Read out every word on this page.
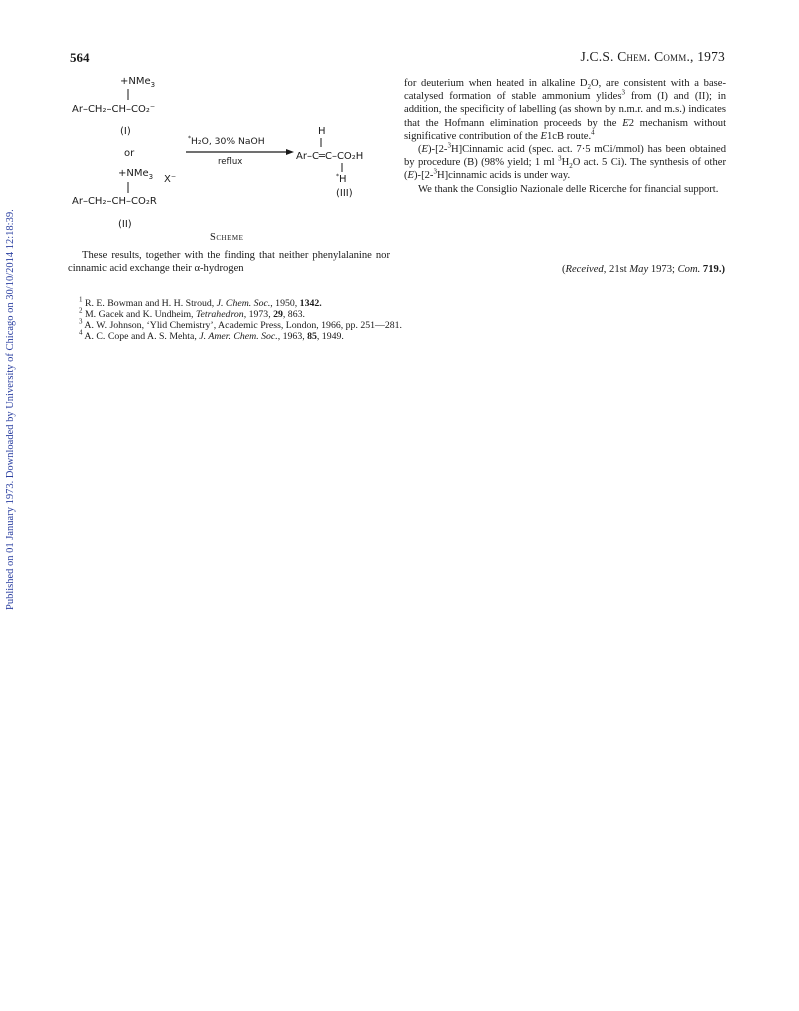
Published on 01 January 1973. Downloaded by University of Chicago on 30/10/2014 12:18:39.
564	J.C.S. Chem. Comm., 1973
+NMe$_3$
Ar–CH₂–CH–CO₂⁻
(I)
or
+NMe$_3$ X⁻
Ar–CH₂–CH–CO₂R
(II)
*H₂O, 30% NaOH
reflux
H
Ar–C═C–CO₂H
*H
(III)
Scheme

These results, together with the finding that neither phenylalanine nor cinnamic acid exchange their α-hydrogen

for deuterium when heated in alkaline $D_2O$, are consistent with a base-catalysed formation of stable ammonium ylides$^3$ from (I) and (II); in addition, the specificity of labelling (as shown by n.m.r. and m.s.) indicates that the Hofmann elimination proceeds by the E2 mechanism without significative contribution of the E1cB route.$^4$

(E)-[2-$^3$H]Cinnamic acid (spec. act. 7·5 mCi/mmol) has been obtained by procedure (B) (98% yield; 1 ml $^3H_2O$ act. 5 Ci). The synthesis of other (E)-[2-$^3$H]cinnamic acids is under way.

We thank the Consiglio Nazionale delle Ricerche for financial support.

(Received, 21st May 1973; Com. 719.)
$^1$ R. E. Bowman and H. H. Stroud, J. Chem. Soc., 1950, 1342.
$^2$ M. Gacek and K. Undheim, Tetrahedron, 1973, 29, 863.
$^3$ A. W. Johnson, ‘Ylid Chemistry’, Academic Press, London, 1966, pp. 251—281.
$^4$ A. C. Cope and A. S. Mehta, J. Amer. Chem. Soc., 1963, 85, 1949.
